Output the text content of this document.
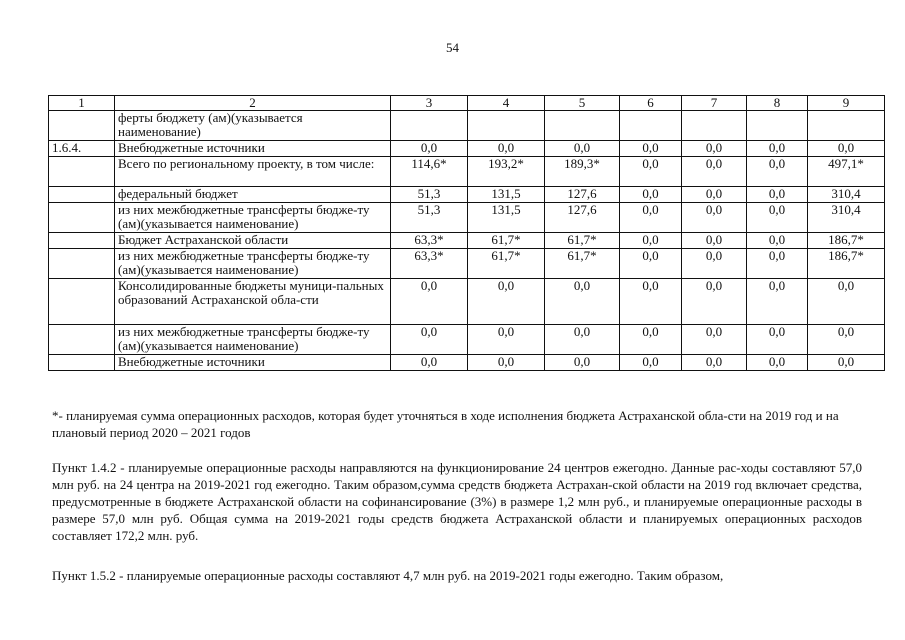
54
1	2	3	4	5	6	7	8	9
	ферты бюджету (ам)(указывается наименование)							
1.6.4.	Внебюджетные источники	0,0	0,0	0,0	0,0	0,0	0,0	0,0
	Всего по региональному проекту, в том числе:	114,6*	193,2*	189,3*	0,0	0,0	0,0	497,1*
	федеральный бюджет	51,3	131,5	127,6	0,0	0,0	0,0	310,4
	из них межбюджетные трансферты бюдже-ту (ам)(указывается наименование)	51,3	131,5	127,6	0,0	0,0	0,0	310,4
	Бюджет Астраханской области	63,3*	61,7*	61,7*	0,0	0,0	0,0	186,7*
	из них межбюджетные трансферты бюдже-ту (ам)(указывается наименование)	63,3*	61,7*	61,7*	0,0	0,0	0,0	186,7*
	Консолидированные бюджеты муници-пальных образований Астраханской обла-сти	0,0	0,0	0,0	0,0	0,0	0,0	0,0
	из них межбюджетные трансферты бюдже-ту (ам)(указывается наименование)	0,0	0,0	0,0	0,0	0,0	0,0	0,0
	Внебюджетные источники	0,0	0,0	0,0	0,0	0,0	0,0	0,0
*- планируемая сумма операционных расходов, которая будет уточняться в ходе исполнения бюджета Астраханской обла-сти на 2019 год и на плановый период 2020 – 2021 годов
Пункт 1.4.2 - планируемые операционные расходы направляются на функционирование 24 центров ежегодно. Данные рас-ходы составляют 57,0 млн руб. на 24 центра на 2019-2021 год ежегодно. Таким образом,сумма средств бюджета Астрахан-ской области на 2019 год включает средства, предусмотренные в бюджете Астраханской области на софинансирование (3%) в размере 1,2 млн руб., и планируемые операционные расходы в размере 57,0 млн руб. Общая сумма на 2019-2021 годы средств бюджета Астраханской области и планируемых операционных расходов составляет 172,2 млн. руб.
Пункт 1.5.2 - планируемые операционные расходы составляют 4,7 млн руб. на 2019-2021 годы ежегодно. Таким образом,
